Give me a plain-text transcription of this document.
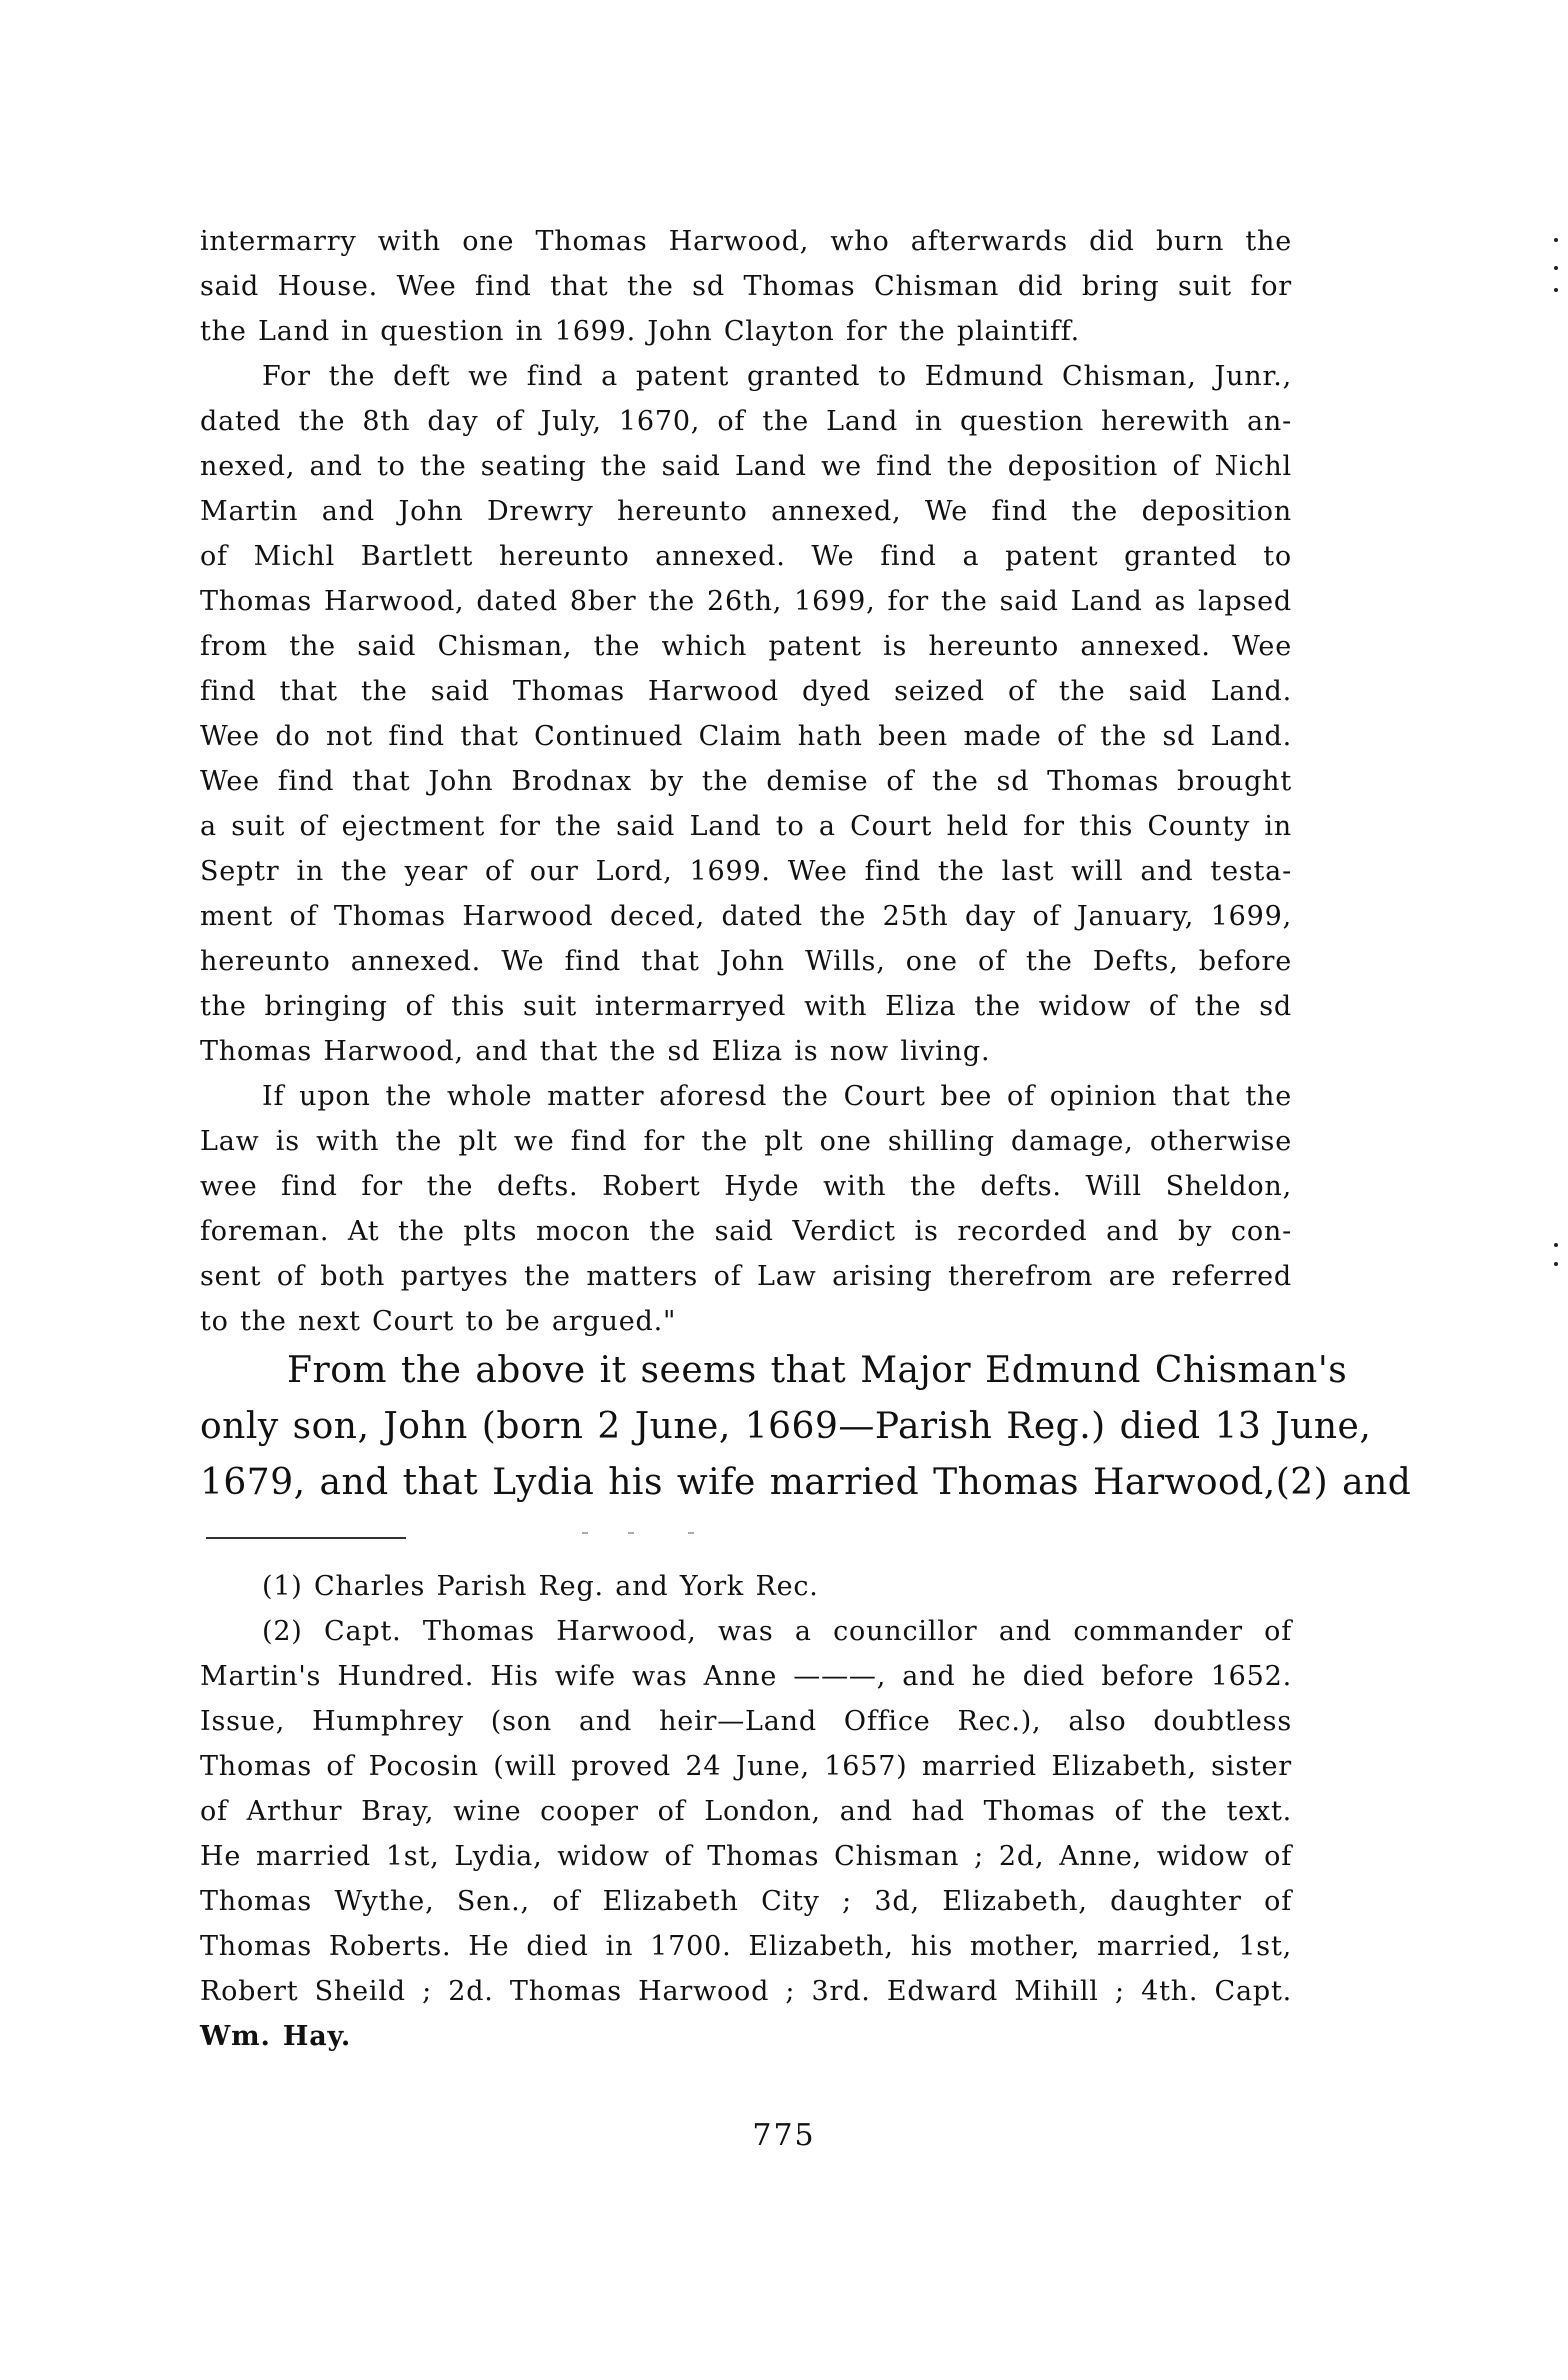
intermarry with one Thomas Harwood, who afterwards did burn the
said House. Wee find that the sd Thomas Chisman did bring suit for
the Land in question in 1699. John Clayton for the plaintiff.
For the deft we find a patent granted to Edmund Chisman, Junr.,
dated the 8th day of July, 1670, of the Land in question herewith an-
nexed, and to the seating the said Land we find the deposition of Nichl
Martin and John Drewry hereunto annexed, We find the deposition
of Michl Bartlett hereunto annexed. We find a patent granted to
Thomas Harwood, dated 8ber the 26th, 1699, for the said Land as lapsed
from the said Chisman, the which patent is hereunto annexed. Wee
find that the said Thomas Harwood dyed seized of the said Land.
Wee do not find that Continued Claim hath been made of the sd Land.
Wee find that John Brodnax by the demise of the sd Thomas brought
a suit of ejectment for the said Land to a Court held for this County in
Septr in the year of our Lord, 1699. Wee find the last will and testa-
ment of Thomas Harwood deced, dated the 25th day of January, 1699,
hereunto annexed. We find that John Wills, one of the Defts, before
the bringing of this suit intermarryed with Eliza the widow of the sd
Thomas Harwood, and that the sd Eliza is now living.
If upon the whole matter aforesd the Court bee of opinion that the
Law is with the plt we find for the plt one shilling damage, otherwise
wee find for the defts. Robert Hyde with the defts. Will Sheldon,
foreman. At the plts mocon the said Verdict is recorded and by con-
sent of both partyes the matters of Law arising therefrom are referred
to the next Court to be argued."
From the above it seems that Major Edmund Chisman's
only son, John (born 2 June, 1669—Parish Reg.) died 13 June,
1679, and that Lydia his wife married Thomas Harwood,(2) and
(1) Charles Parish Reg. and York Rec.
(2) Capt. Thomas Harwood, was a councillor and commander of
Martin's Hundred. His wife was Anne ———, and he died before 1652.
Issue, Humphrey (son and heir—Land Office Rec.), also doubtless
Thomas of Pocosin (will proved 24 June, 1657) married Elizabeth, sister
of Arthur Bray, wine cooper of London, and had Thomas of the text.
He married 1st, Lydia, widow of Thomas Chisman ; 2d, Anne, widow of
Thomas Wythe, Sen., of Elizabeth City ; 3d, Elizabeth, daughter of
Thomas Roberts. He died in 1700. Elizabeth, his mother, married, 1st,
Robert Sheild ; 2d. Thomas Harwood ; 3rd. Edward Mihill ; 4th. Capt.
Wm. Hay.
775
